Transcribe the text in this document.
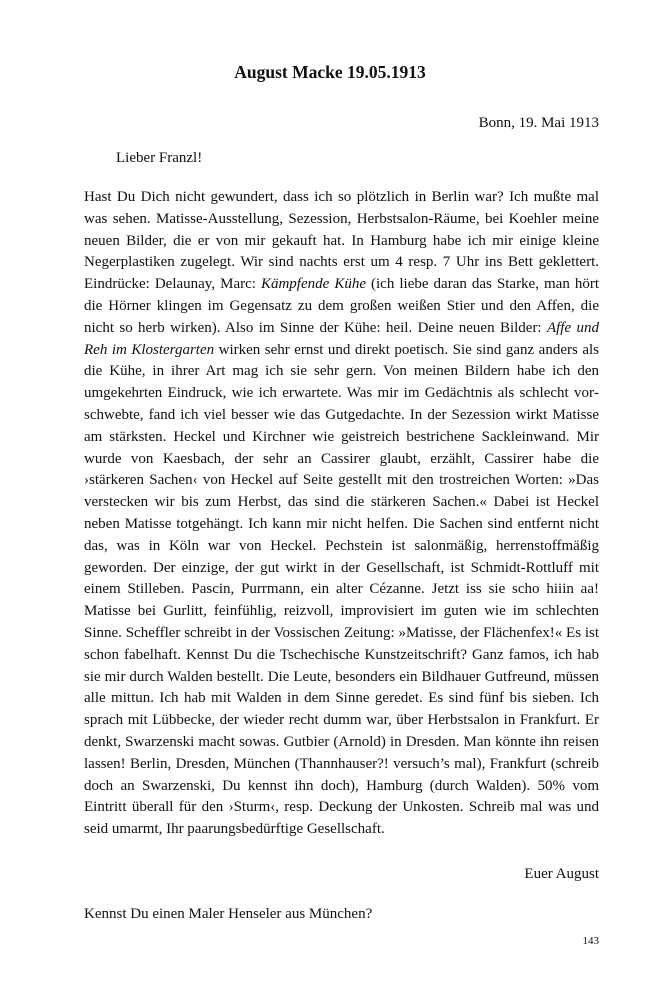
August Macke 19.05.1913

Bonn, 19. Mai 1913

Lieber Franzl!

Hast Du Dich nicht gewundert, dass ich so plötzlich in Berlin war? Ich mußte mal was sehen. Matisse-Ausstellung, Sezession, Herbstsalon-Räume, bei Koehler meine neuen Bilder, die er von mir gekauft hat. In Hamburg habe ich mir einige kleine Negerplastiken zugelegt. Wir sind nachts erst um 4 resp. 7 Uhr ins Bett geklettert. Eindrücke: Delaunay, Marc: Kämpfende Kühe (ich liebe daran das Starke, man hört die Hörner klingen im Gegensatz zu dem großen weißen Stier und den Affen, die nicht so herb wirken). Also im Sinne der Kühe: heil. Deine neuen Bilder: Affe und Reh im Klostergarten wirken sehr ernst und direkt poetisch. Sie sind ganz anders als die Kühe, in ihrer Art mag ich sie sehr gern. Von meinen Bildern habe ich den umgekehrten Eindruck, wie ich erwartete. Was mir im Gedächtnis als schlecht vorschwebte, fand ich viel besser wie das Gutgedachte. In der Sezession wirkt Matisse am stärksten. Heckel und Kirchner wie geistreich bestrichene Sackleinwand. Mir wurde von Kaesbach, der sehr an Cassirer glaubt, erzählt, Cassirer habe die ›stärkeren Sachen‹ von Heckel auf Seite gestellt mit den trostreichen Worten: »Das verstecken wir bis zum Herbst, das sind die stärkeren Sachen.« Dabei ist Heckel neben Matisse totgehängt. Ich kann mir nicht helfen. Die Sachen sind entfernt nicht das, was in Köln war von Heckel. Pechstein ist salonmäßig, herrenstoffmäßig geworden. Der einzige, der gut wirkt in der Gesellschaft, ist Schmidt-Rottluff mit einem Stilleben. Pascin, Purrmann, ein alter Cézanne. Jetzt iss sie scho hiiin aa! Matisse bei Gurlitt, feinfühlig, reizvoll, improvisiert im guten wie im schlechten Sinne. Scheffler schreibt in der Vossischen Zeitung: »Matisse, der Flächenfex!« Es ist schon fabelhaft. Kennst Du die Tschechische Kunstzeitschrift? Ganz famos, ich hab sie mir durch Walden bestellt. Die Leute, besonders ein Bildhauer Gutfreund, müssen alle mittun. Ich hab mit Walden in dem Sinne geredet. Es sind fünf bis sieben. Ich sprach mit Lübbecke, der wieder recht dumm war, über Herbstsalon in Frankfurt. Er denkt, Swarzenski macht sowas. Gutbier (Arnold) in Dresden. Man könnte ihn reisen lassen! Berlin, Dresden, München (Thannhauser?! versuch’s mal), Frankfurt (schreib doch an Swarzenski, Du kennst ihn doch), Hamburg (durch Walden). 50% vom Eintritt überall für den ›Sturm‹, resp. Deckung der Unkosten. Schreib mal was und seid umarmt, Ihr paarungsbedürftige Gesellschaft.

Euer August

Kennst Du einen Maler Henseler aus München?

143
